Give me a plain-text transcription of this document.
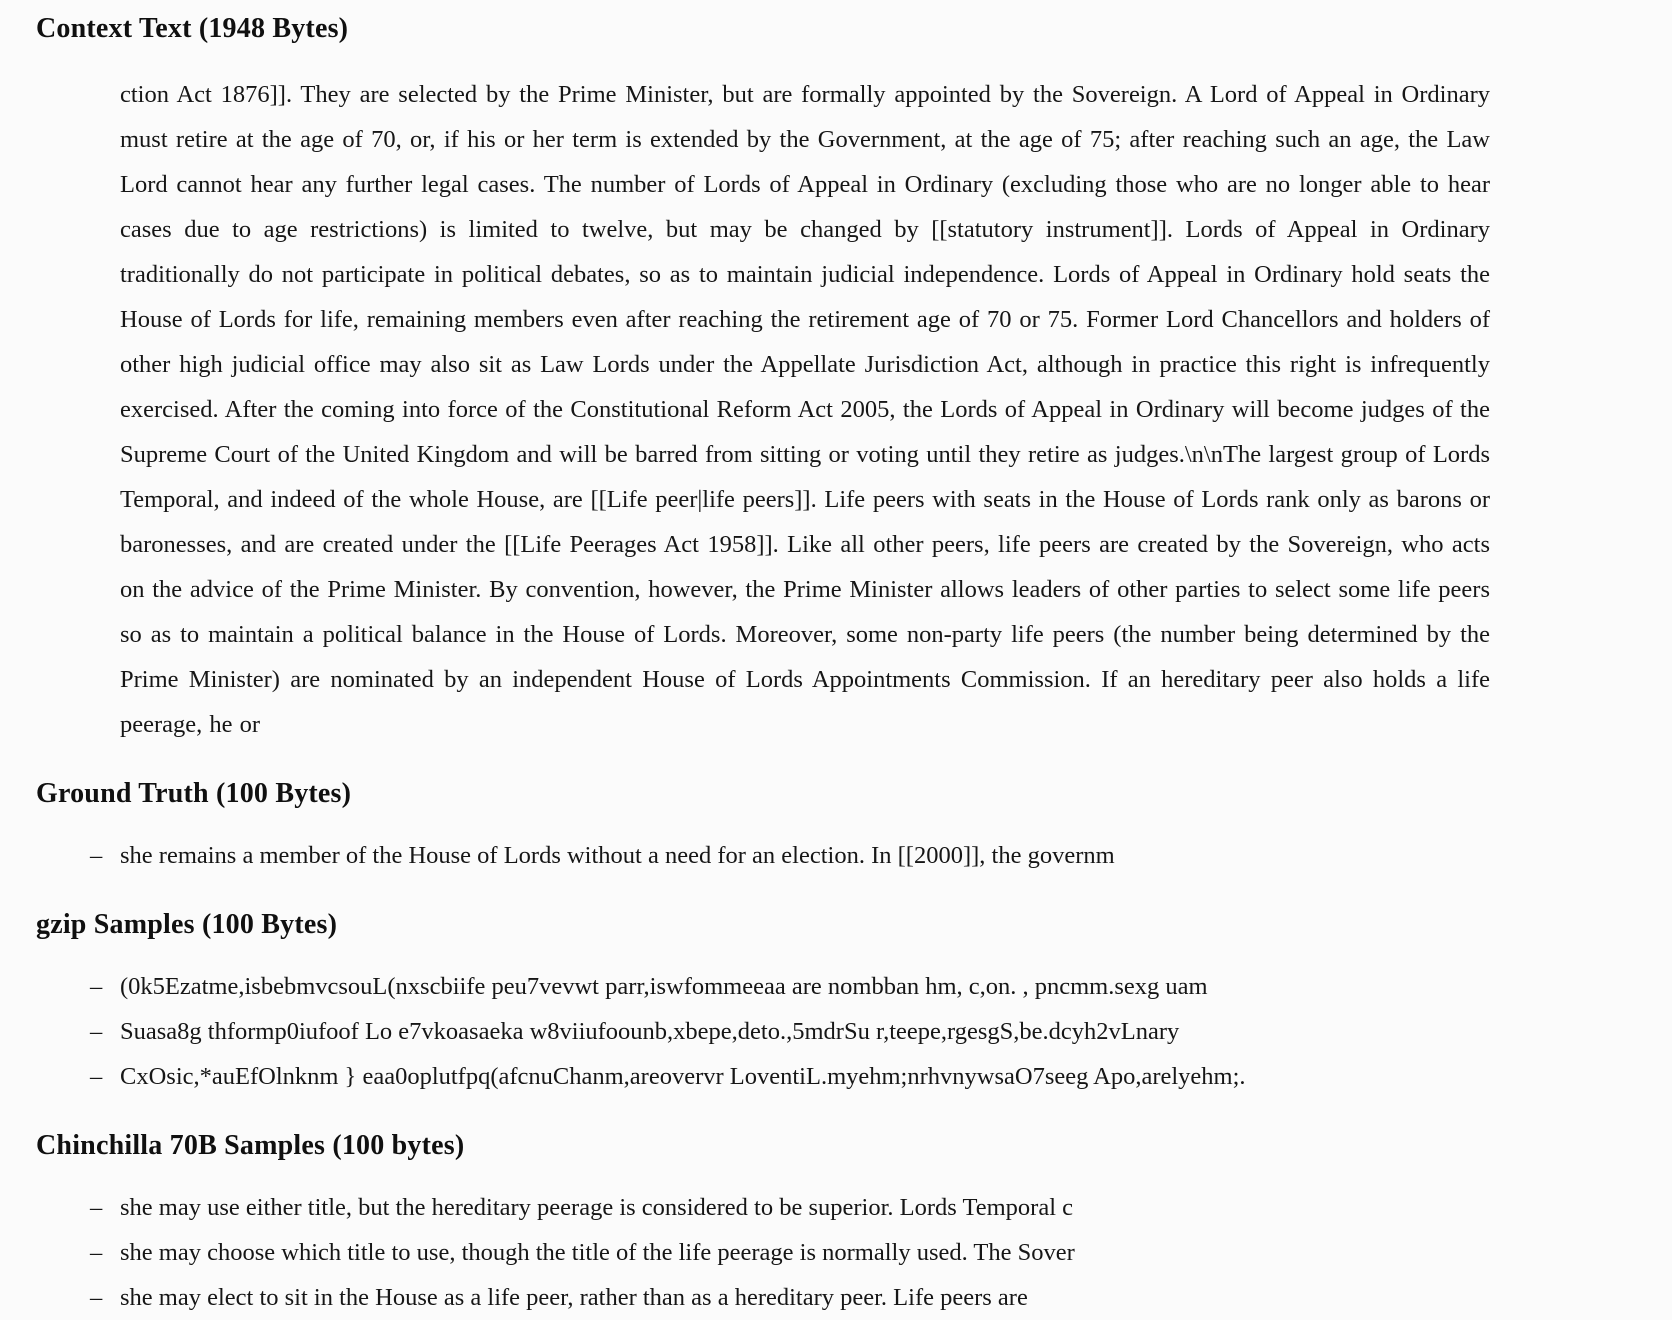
Context Text (1948 Bytes)

ction Act 1876]]. They are selected by the Prime Minister, but are formally appointed by the Sovereign. A Lord of Appeal in Ordinary must retire at the age of 70, or, if his or her term is extended by the Government, at the age of 75; after reaching such an age, the Law Lord cannot hear any further legal cases. The number of Lords of Appeal in Ordinary (excluding those who are no longer able to hear cases due to age restrictions) is limited to twelve, but may be changed by [[statutory instrument]]. Lords of Appeal in Ordinary traditionally do not participate in political debates, so as to maintain judicial independence. Lords of Appeal in Ordinary hold seats the House of Lords for life, remaining members even after reaching the retirement age of 70 or 75. Former Lord Chancellors and holders of other high judicial office may also sit as Law Lords under the Appellate Jurisdiction Act, although in practice this right is infrequently exercised. After the coming into force of the Constitutional Reform Act 2005, the Lords of Appeal in Ordinary will become judges of the Supreme Court of the United Kingdom and will be barred from sitting or voting until they retire as judges.\n\nThe largest group of Lords Temporal, and indeed of the whole House, are [[Life peer|life peers]]. Life peers with seats in the House of Lords rank only as barons or baronesses, and are created under the [[Life Peerages Act 1958]]. Like all other peers, life peers are created by the Sovereign, who acts on the advice of the Prime Minister. By convention, however, the Prime Minister allows leaders of other parties to select some life peers so as to maintain a political balance in the House of Lords. Moreover, some non-party life peers (the number being determined by the Prime Minister) are nominated by an independent House of Lords Appointments Commission. If an hereditary peer also holds a life peerage, he or

Ground Truth (100 Bytes)
– she remains a member of the House of Lords without a need for an election. In [[2000]], the governm
gzip Samples (100 Bytes)
– (0k5Ezatme,isbebmvcsouL(nxscbiife peu7vevwt parr,iswfommeeaa are nombban hm, c,on. , pncmm.sexg uam
– Suasa8g thformp0iufoof Lo e7vkoasaeka w8viiufoounb,xbepe,deto.,5mdrSu r,teepe,rgesgS,be.dcyh2vLnary
– CxOsic,*auEfOlnknm } eaa0oplutfpq(afcnuChanm,areovervr LoventiL.myehm;nrhvnywsaO7seeg Apo,arelyehm;.
Chinchilla 70B Samples (100 bytes)
– she may use either title, but the hereditary peerage is considered to be superior. Lords Temporal c
– she may choose which title to use, though the title of the life peerage is normally used. The Sover
– she may elect to sit in the House as a life peer, rather than as a hereditary peer. Life peers are
